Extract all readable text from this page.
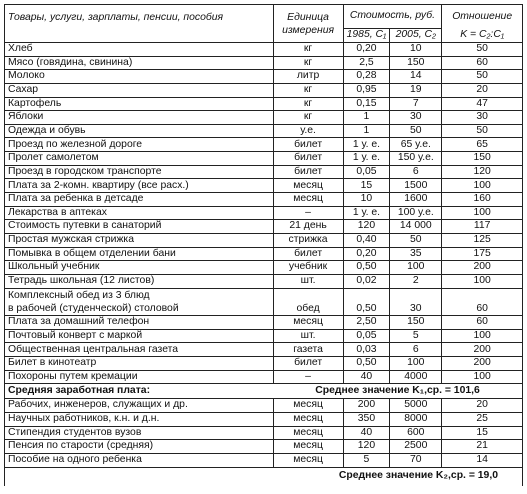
Товары, услуги, зарплаты, пенсии, пособия	Единица измерения	Стоимость, руб.		Отношение
		1985, C₁	2005, C₂	K = C₂:C₁
Хлеб	кг	0,20	10	50
Мясо (говядина, свинина)	кг	2,5	150	60
Молоко	литр	0,28	14	50
Сахар	кг	0,95	19	20
Картофель	кг	0,15	7	47
Яблоки	кг	1	30	30
Одежда и обувь	у.е.	1	50	50
Проезд по железной дороге	билет	1 у. е.	65 у.е.	65
Пролет самолетом	билет	1 у. е.	150 у.е.	150
Проезд в городском транспорте	билет	0,05	6	120
Плата за 2-комн. квартиру (все расх.)	месяц	15	1500	100
Плата за ребенка в детсаде	месяц	10	1600	160
Лекарства в аптеках	–	1 у. е.	100 у.е.	100
Стоимость путевки в санаторий	21 день	120	14 000	117
Простая мужская стрижка	стрижка	0,40	50	125
Помывка в общем отделении бани	билет	0,20	35	175
Школьный учебник	учебник	0,50	100	200
Тетрадь школьная (12 листов)	шт.	0,02	2	100

Комплексный обед из 3 блюд
в рабочей (студенческой) столовой	обед	0,50	30	60
Плата за домашний телефон	месяц	2,50	150	60
Почтовый конверт с маркой	шт.	0,05	5	100
Общественная центральная газета	газета	0,03	6	200
Билет в кинотеатр	билет	0,50	100	200
Похороны путем кремации	–	40	4000	100
Средняя заработная плата:	Среднее значение K₁,ср. = 101,6			
Рабочих, инженеров, служащих и др.	месяц	200	5000	20
Научных работников, к.н. и д.н.	месяц	350	8000	25
Стипендия студентов вузов	месяц	40	600	15
Пенсия по старости (средняя)	месяц	120	2500	21
Пособие на одного ребенка	месяц	5	70	14
Среднее значение K₂,ср. = 19,0				
